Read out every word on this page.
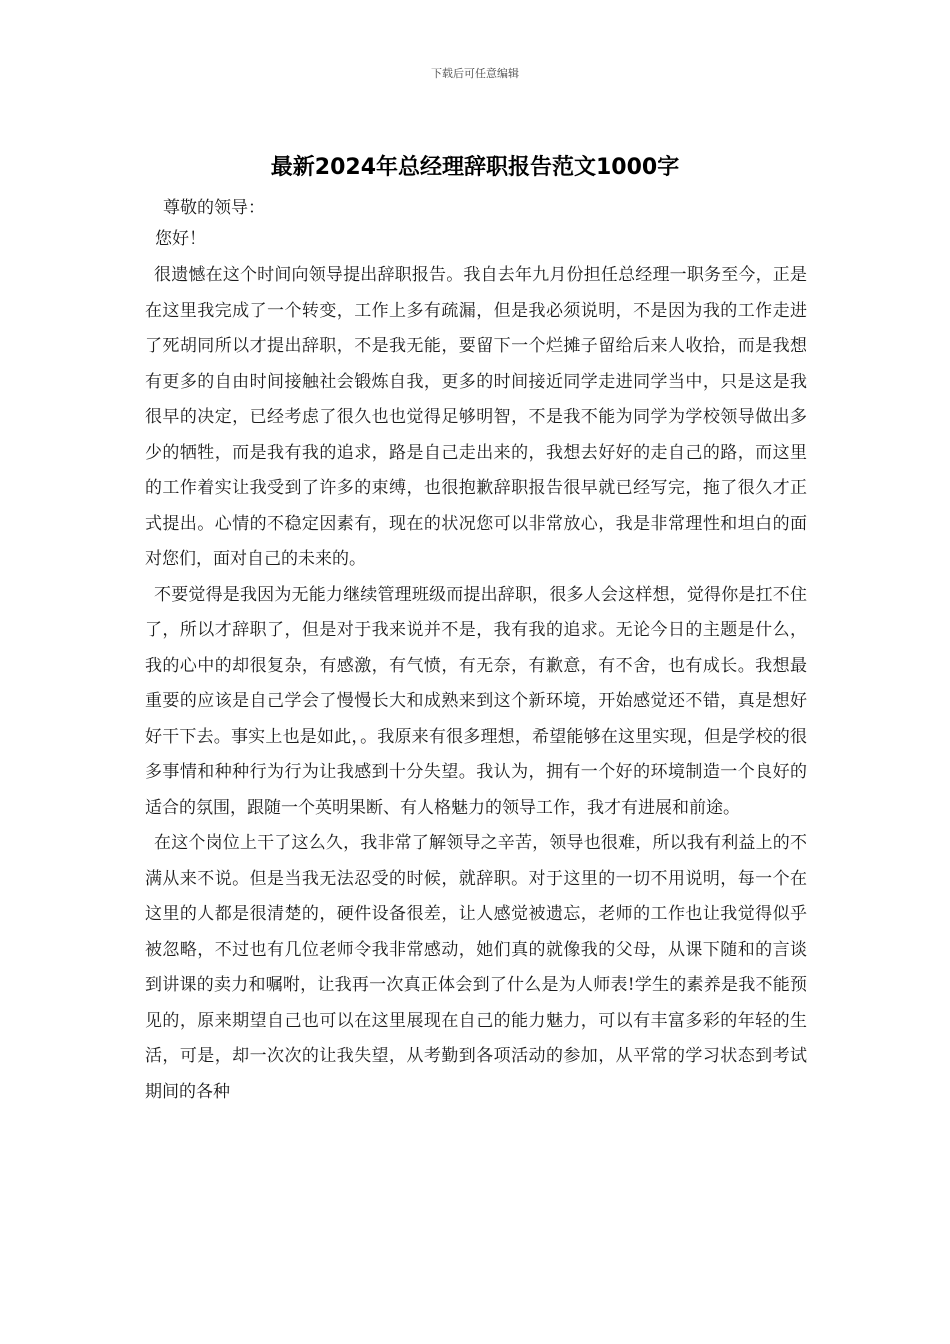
下载后可任意编辑
最新2024年总经理辞职报告范文1000字

尊敬的领导：

您好！

很遗憾在这个时间向领导提出辞职报告。我自去年九月份担任总经理一职务至今，正是在这里我完成了一个转变，工作上多有疏漏，但是我必须说明，不是因为我的工作走进了死胡同所以才提出辞职，不是我无能，要留下一个烂摊子留给后来人收拾，而是我想有更多的自由时间接触社会锻炼自我，更多的时间接近同学走进同学当中，只是这是我很早的决定，已经考虑了很久也也觉得足够明智，不是我不能为同学为学校领导做出多少的牺牲，而是我有我的追求，路是自己走出来的，我想去好好的走自己的路，而这里的工作着实让我受到了许多的束缚，也很抱歉辞职报告很早就已经写完，拖了很久才正式提出。心情的不稳定因素有，现在的状况您可以非常放心，我是非常理性和坦白的面对您们，面对自己的未来的。

不要觉得是我因为无能力继续管理班级而提出辞职，很多人会这样想，觉得你是扛不住了，所以才辞职了，但是对于我来说并不是，我有我的追求。无论今日的主题是什么，我的心中的却很复杂，有感激，有气愤，有无奈，有歉意，有不舍，也有成长。我想最重要的应该是自己学会了慢慢长大和成熟来到这个新环境，开始感觉还不错，真是想好好干下去。事实上也是如此，。我原来有很多理想，希望能够在这里实现，但是学校的很多事情和种种行为行为让我感到十分失望。我认为，拥有一个好的环境制造一个良好的适合的氛围，跟随一个英明果断、有人格魅力的领导工作，我才有进展和前途。

在这个岗位上干了这么久，我非常了解领导之辛苦，领导也很难，所以我有利益上的不满从来不说。但是当我无法忍受的时候，就辞职。对于这里的一切不用说明，每一个在这里的人都是很清楚的，硬件设备很差，让人感觉被遗忘，老师的工作也让我觉得似乎被忽略，不过也有几位老师令我非常感动，她们真的就像我的父母，从课下随和的言谈到讲课的卖力和嘱咐，让我再一次真正体会到了什么是为人师表!学生的素养是我不能预见的，原来期望自己也可以在这里展现在自己的能力魅力，可以有丰富多彩的年轻的生活，可是，却一次次的让我失望，从考勤到各项活动的参加，从平常的学习状态到考试期间的各种
